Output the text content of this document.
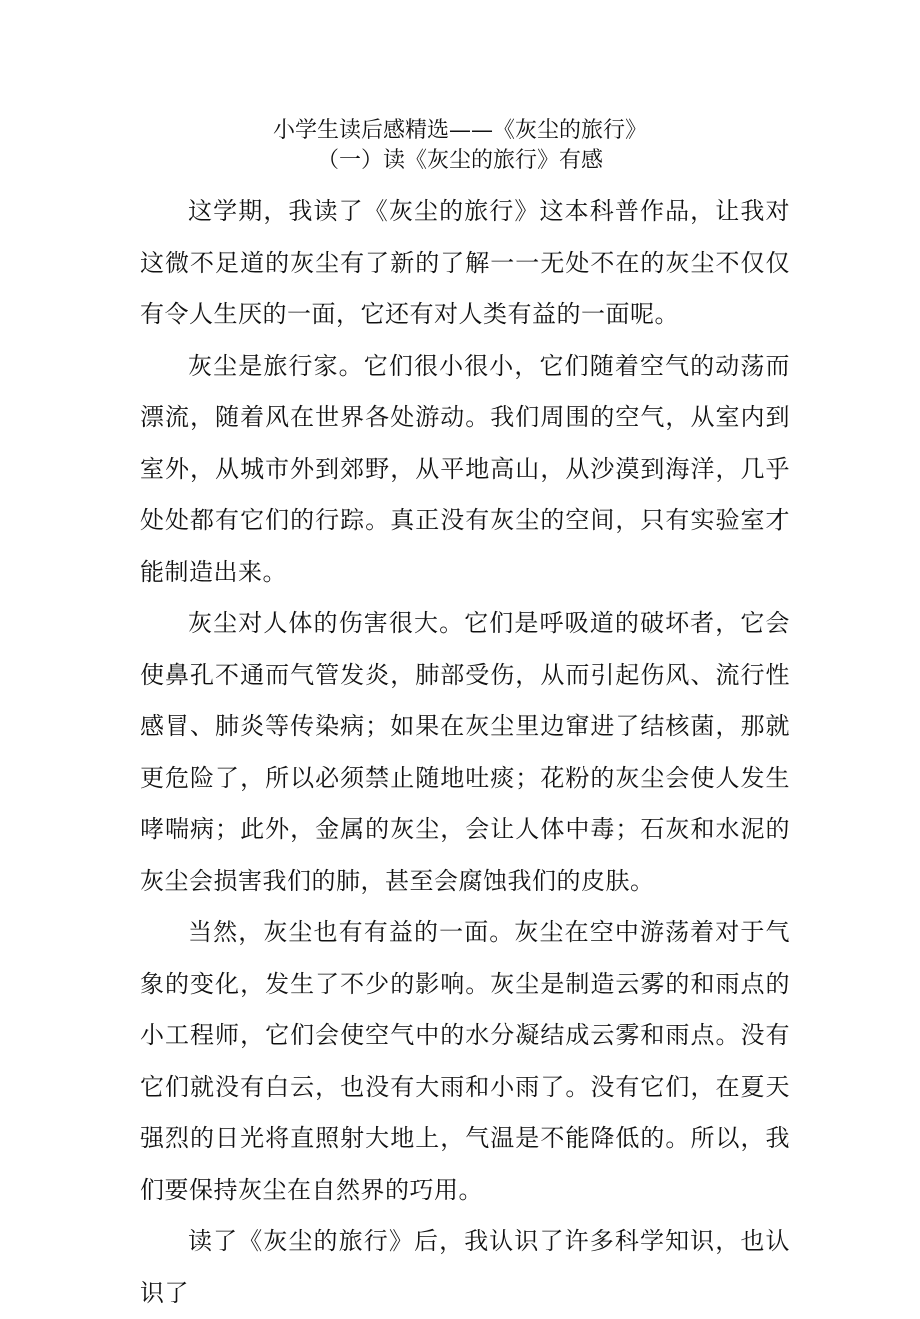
小学生读后感精选——《灰尘的旅行》
（一）读《灰尘的旅行》有感

这学期，我读了《灰尘的旅行》这本科普作品，让我对这微不足道的灰尘有了新的了解一一无处不在的灰尘不仅仅有令人生厌的一面，它还有对人类有益的一面呢。

灰尘是旅行家。它们很小很小，它们随着空气的动荡而漂流，随着风在世界各处游动。我们周围的空气，从室内到室外，从城市外到郊野，从平地高山，从沙漠到海洋，几乎处处都有它们的行踪。真正没有灰尘的空间，只有实验室才能制造出来。

灰尘对人体的伤害很大。它们是呼吸道的破坏者，它会使鼻孔不通而气管发炎，肺部受伤，从而引起伤风、流行性感冒、肺炎等传染病；如果在灰尘里边窜进了结核菌，那就更危险了，所以必须禁止随地吐痰；花粉的灰尘会使人发生哮喘病；此外，金属的灰尘，会让人体中毒；石灰和水泥的灰尘会损害我们的肺，甚至会腐蚀我们的皮肤。

当然，灰尘也有有益的一面。灰尘在空中游荡着对于气象的变化，发生了不少的影响。灰尘是制造云雾的和雨点的小工程师，它们会使空气中的水分凝结成云雾和雨点。没有它们就没有白云，也没有大雨和小雨了。没有它们，在夏天强烈的日光将直照射大地上，气温是不能降低的。所以，我们要保持灰尘在自然界的巧用。

读了《灰尘的旅行》后，我认识了许多科学知识，也认识了
